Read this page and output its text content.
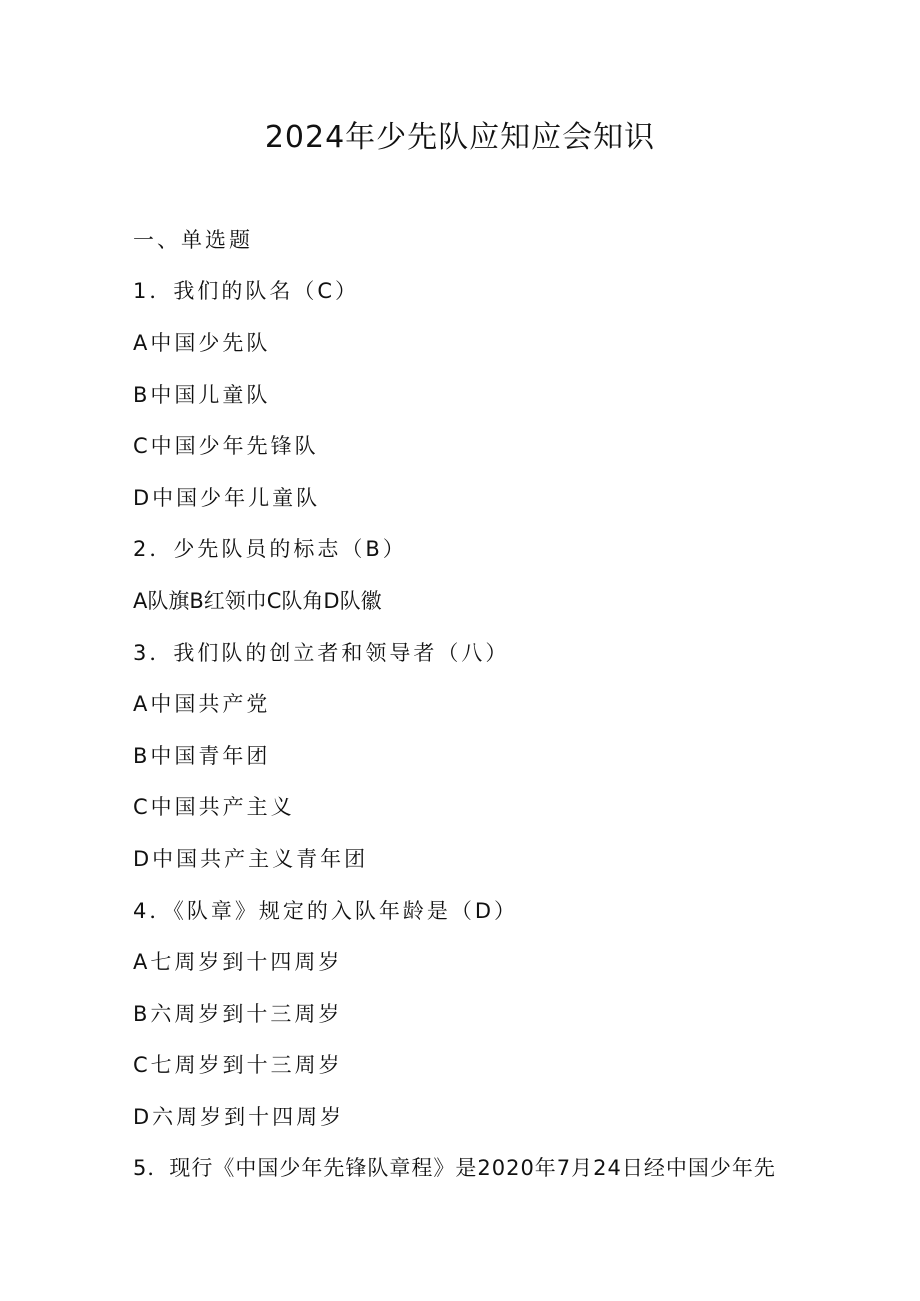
2024年少先队应知应会知识
一、单选题
1．我们的队名（C）
A中国少先队
B中国儿童队
C中国少年先锋队
D中国少年儿童队
2．少先队员的标志（B）
A队旗B红领巾C队角D队徽
3．我们队的创立者和领导者（八）
A中国共产党
B中国青年团
C中国共产主义
D中国共产主义青年团
4．《队章》规定的入队年龄是（D）
A七周岁到十四周岁
B六周岁到十三周岁
C七周岁到十三周岁
D六周岁到十四周岁
5．现行《中国少年先锋队章程》是2020年7月24日经中国少年先
